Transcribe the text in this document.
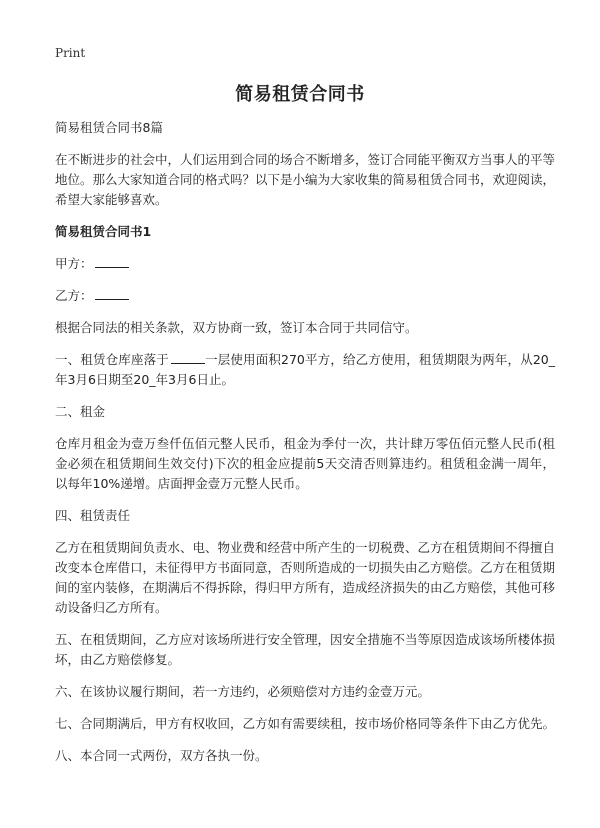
Print
简易租赁合同书

简易租赁合同书8篇

在不断进步的社会中，人们运用到合同的场合不断增多，签订合同能平衡双方当事人的平等地位。那么大家知道合同的格式吗？以下是小编为大家收集的简易租赁合同书，欢迎阅读，希望大家能够喜欢。

简易租赁合同书1

甲方：

乙方：

根据合同法的相关条款，双方协商一致，签订本合同于共同信守。

一、租赁仓库座落于	一层使用面积270平方，给乙方使用，租赁期限为两年，从20_年3月6日期至20_年3月6日止。

二、租金

仓库月租金为壹万叁仟伍佰元整人民币，租金为季付一次，共计肆万零伍佰元整人民币(租金必须在租赁期间生效交付)下次的租金应提前5天交清否则算违约。租赁租金满一周年，以每年10%递增。店面押金壹万元整人民币。

四、租赁责任

乙方在租赁期间负责水、电、物业费和经营中所产生的一切税费、乙方在租赁期间不得擅自改变本仓库借口，未征得甲方书面同意，否则所造成的一切损失由乙方赔偿。乙方在租赁期间的室内装修，在期满后不得拆除，得归甲方所有，造成经济损失的由乙方赔偿，其他可移动设备归乙方所有。

五、在租赁期间，乙方应对该场所进行安全管理，因安全措施不当等原因造成该场所楼体损坏，由乙方赔偿修复。

六、在该协议履行期间，若一方违约，必须赔偿对方违约金壹万元。

七、合同期满后，甲方有权收回，乙方如有需要续租，按市场价格同等条件下由乙方优先。

八、本合同一式两份，双方各执一份。
